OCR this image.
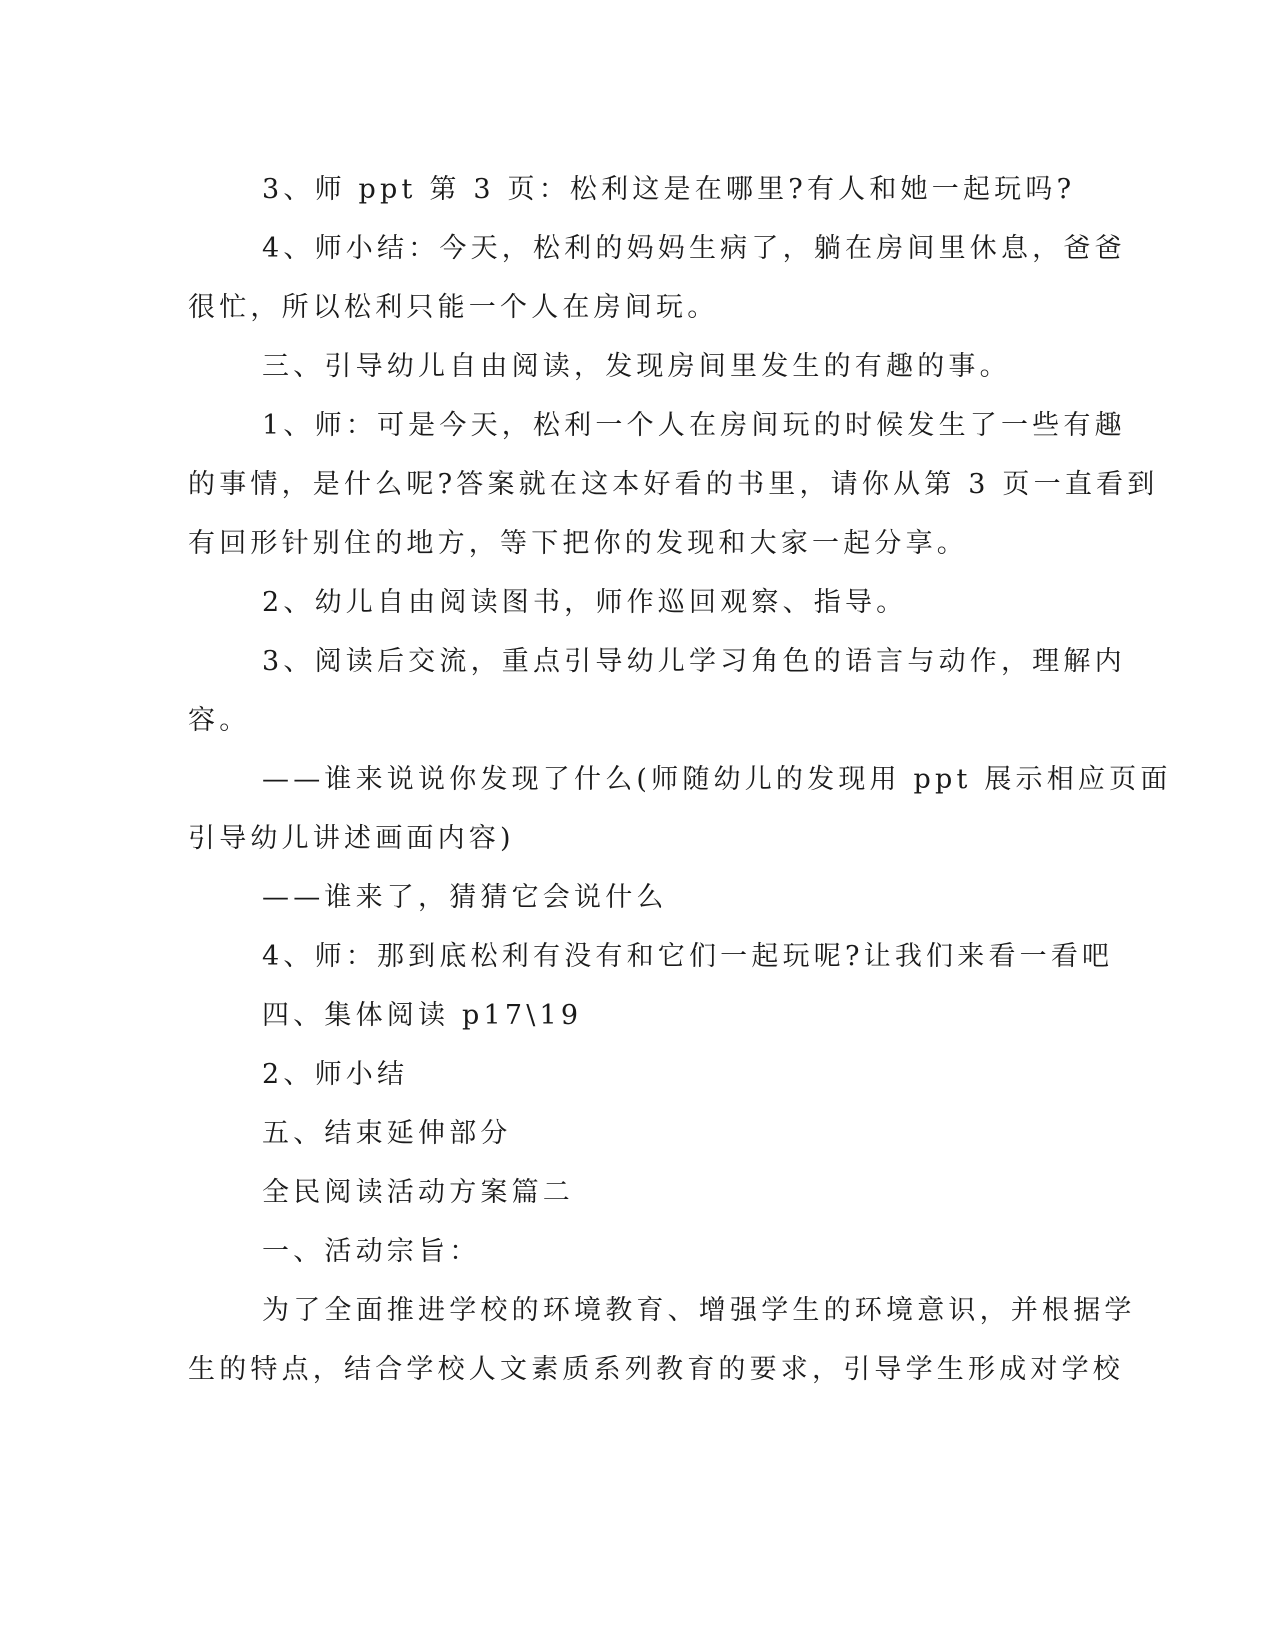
3、师 ppt 第 3 页：松利这是在哪里?有人和她一起玩吗?
4、师小结：今天，松利的妈妈生病了，躺在房间里休息，爸爸
很忙，所以松利只能一个人在房间玩。
三、引导幼儿自由阅读，发现房间里发生的有趣的事。
1、师：可是今天，松利一个人在房间玩的时候发生了一些有趣
的事情，是什么呢?答案就在这本好看的书里，请你从第 3 页一直看到
有回形针别住的地方，等下把你的发现和大家一起分享。
2、幼儿自由阅读图书，师作巡回观察、指导。
3、阅读后交流，重点引导幼儿学习角色的语言与动作，理解内
容。
——谁来说说你发现了什么(师随幼儿的发现用 ppt 展示相应页面
引导幼儿讲述画面内容)
——谁来了，猜猜它会说什么
4、师：那到底松利有没有和它们一起玩呢?让我们来看一看吧
四、集体阅读 p17\19
2、师小结
五、结束延伸部分
全民阅读活动方案篇二
一、活动宗旨：
为了全面推进学校的环境教育、增强学生的环境意识，并根据学
生的特点，结合学校人文素质系列教育的要求，引导学生形成对学校
